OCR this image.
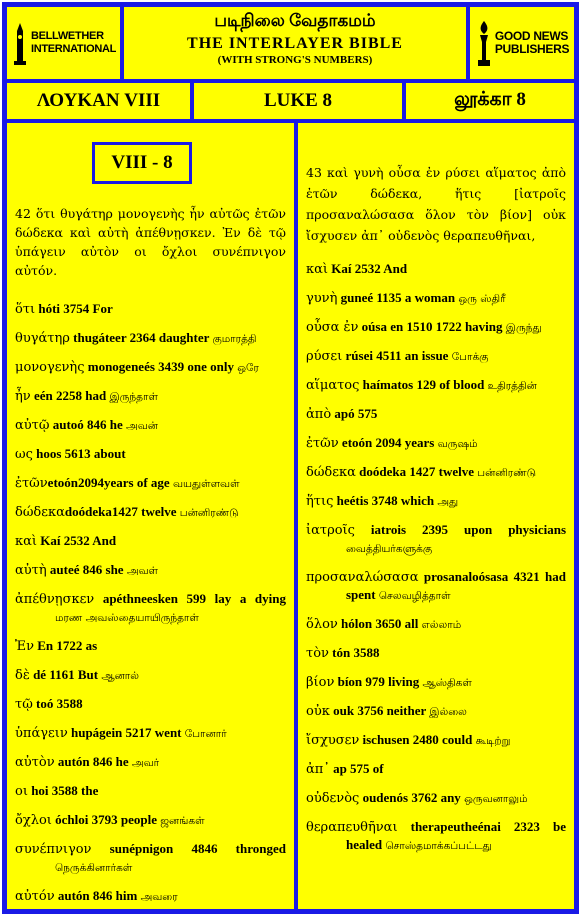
BELLWETHER
INTERNATIONAL
படிநிலை வேதாகமம்
THE INTERLAYER BIBLE
(WITH STRONG'S NUMBERS)
GOOD NEWS
PUBLISHERS
ΛΟΥΚΑΝ VIII	LUKE 8	லூக்கா 8
VIII - 8
42 ὅτι θυγάτηρ μονογενὴς ἦν αὐτῶς ἐτῶν δώδεκα καὶ αὐτὴ ἀπέθνῃσκεν. Ἐν δὲ τῷ ὑπάγειν αὐτὸν οι ὄχλοι συνέπνιγον αὐτόν.
ὅτι hóti 3754 For
θυγάτηρ thugáteer 2364 daughter குமாரத்தி
μονογενὴς monogeneés 3439 one only ஒரே
ἦν eén 2258 had இருந்தாள்
αὐτῷ autoó 846 he அவன்
ως hoos 5613 about
ἐτῶνetoón2094years of age வயதுள்ளவள்
δώδεκαdoódeka1427 twelve பன்னிரண்டு
καὶ Kaí 2532 And
αὐτὴ auteé 846 she அவள்
ἀπέθνῃσκεν apéthneesken 599 lay a dying மரண அவஸ்தையாயிருந்தாள்
Ἐν En 1722 as
δὲ dé 1161 But ஆனால்
τῷ toó 3588
ὑπάγειν hupágein 5217 went போனார்
αὐτὸν autón 846 he அவர்
οι hoi 3588 the
ὄχλοι óchloi 3793 people ஜனங்கள்
συνέπνιγον sunépnigon 4846 thronged நெருக்கினார்கள்
αὐτόν autón 846 him அவரை
43 καὶ γυνὴ οὖσα ἐν ρύσει αἵματος ἀπὸ ἐτῶν δώδεκα, ἥτις [ἰατροῖς προσαναλώσασα ὅλον τὸν βίον] οὐκ ἴσχυσεν ἀπ᾽ οὐδενὸς θεραπευθῆναι,
καὶ Kaí 2532 And
γυνὴ guneé 1135 a woman ஒரு ஸ்திரீ
οὖσα ἐν oúsa en 1510 1722 having இருந்து
ρύσει rúsei 4511 an issue போக்கு
αἵματος haímatos 129 of blood உதிரத்தின்
ἀπὸ apó 575
ἐτῶν etoón 2094 years வருஷம்
δώδεκα doódeka 1427 twelve பன்னிரண்டு
ἥτις heétis 3748 which அது
ἰατροῖς iatrois 2395 upon physicians வைத்தியர்களுக்கு
προσαναλώσασα prosanaloósasa 4321 had spent செலவழித்தாள்
ὅλον hólon 3650 all எல்லாம்
τὸν tón 3588
βίον bíon 979 living ஆஸ்திகள்
οὐκ ouk 3756 neither இல்லை
ἴσχυσεν ischusen 2480 could கூடிற்று
ἀπ᾽ ap 575 of
οὐδενὸς oudenós 3762 any ஒருவனாலும்
θεραπευθῆναι therapeutheénai 2323 be healed சொஸ்தமாக்கப்பட்டது
